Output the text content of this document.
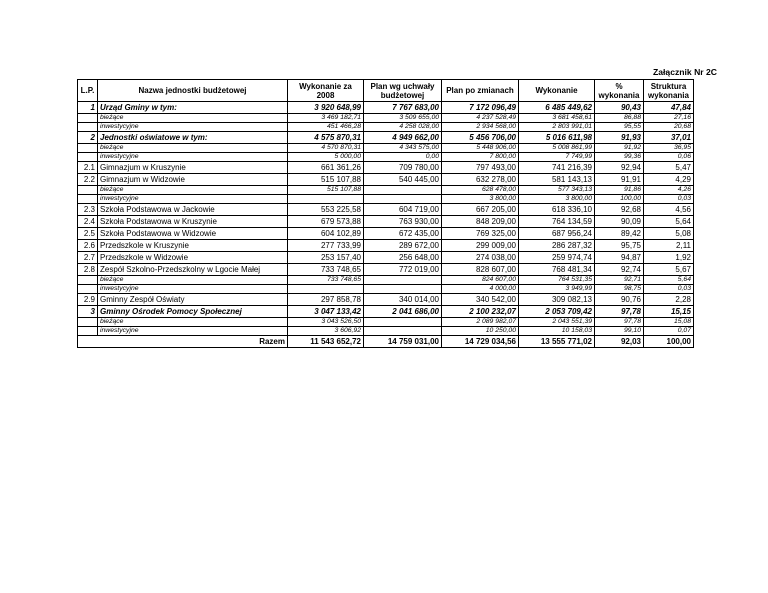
Załącznik Nr 2C
L.P.	Nazwa jednostki budżetowej	Wykonanie za 2008	Plan wg uchwały budżetowej	Plan po zmianach	Wykonanie	% wykonania	Struktura wykonania
1	Urząd Gminy w tym:	3 920 648,99	7 767 683,00	7 172 096,49	6 485 449,62	90,43	47,84
	bieżące	3 469 182,71	3 509 655,00	4 237 528,49	3 681 458,61	86,88	27,16
	inwestycyjne	451 466,28	4 258 028,00	2 934 568,00	2 803 991,01	95,55	20,68
2	Jednostki oświatowe w tym:	4 575 870,31	4 949 662,00	5 456 706,00	5 016 611,98	91,93	37,01
	bieżące	4 570 870,31	4 343 575,00	5 448 906,00	5 008 861,99	91,92	36,95
	inwestycyjne	5 000,00	0,00	7 800,00	7 749,99	99,36	0,06
2.1	Gimnazjum w Kruszynie	661 361,26	709 780,00	797 493,00	741 216,39	92,94	5,47
2.2	Gimnazjum w Widzowie	515 107,88	540 445,00	632 278,00	581 143,13	91,91	4,29
	bieżące	515 107,88		628 478,00	577 343,13	91,86	4,26
	inwestycyjne			3 800,00	3 800,00	100,00	0,03
2.3	Szkoła Podstawowa w Jackowie	553 225,58	604 719,00	667 205,00	618 336,10	92,68	4,56
2.4	Szkoła Podstawowa w Kruszynie	679 573,88	763 930,00	848 209,00	764 134,59	90,09	5,64
2.5	Szkoła Podstawowa w Widzowie	604 102,89	672 435,00	769 325,00	687 956,24	89,42	5,08
2.6	Przedszkole w Kruszynie	277 733,99	289 672,00	299 009,00	286 287,32	95,75	2,11
2.7	Przedszkole w Widzowie	253 157,40	256 648,00	274 038,00	259 974,74	94,87	1,92
2.8	Zespół Szkolno-Przedszkolny w Lgocie Małej	733 748,65	772 019,00	828 607,00	768 481,34	92,74	5,67
	bieżące	733 748,65		824 607,00	764 531,35	92,71	5,64
	inwestycyjne			4 000,00	3 949,99	98,75	0,03
2.9	Gminny Zespół Oświaty	297 858,78	340 014,00	340 542,00	309 082,13	90,76	2,28
3	Gminny Ośrodek Pomocy Społecznej	3 047 133,42	2 041 686,00	2 100 232,07	2 053 709,42	97,78	15,15
	bieżące	3 043 526,50		2 089 982,07	2 043 551,39	97,78	15,08
	inwestycyjne	3 606,92		10 250,00	10 158,03	99,10	0,07
Razem		11 543 652,72	14 759 031,00	14 729 034,56	13 555 771,02	92,03	100,00
